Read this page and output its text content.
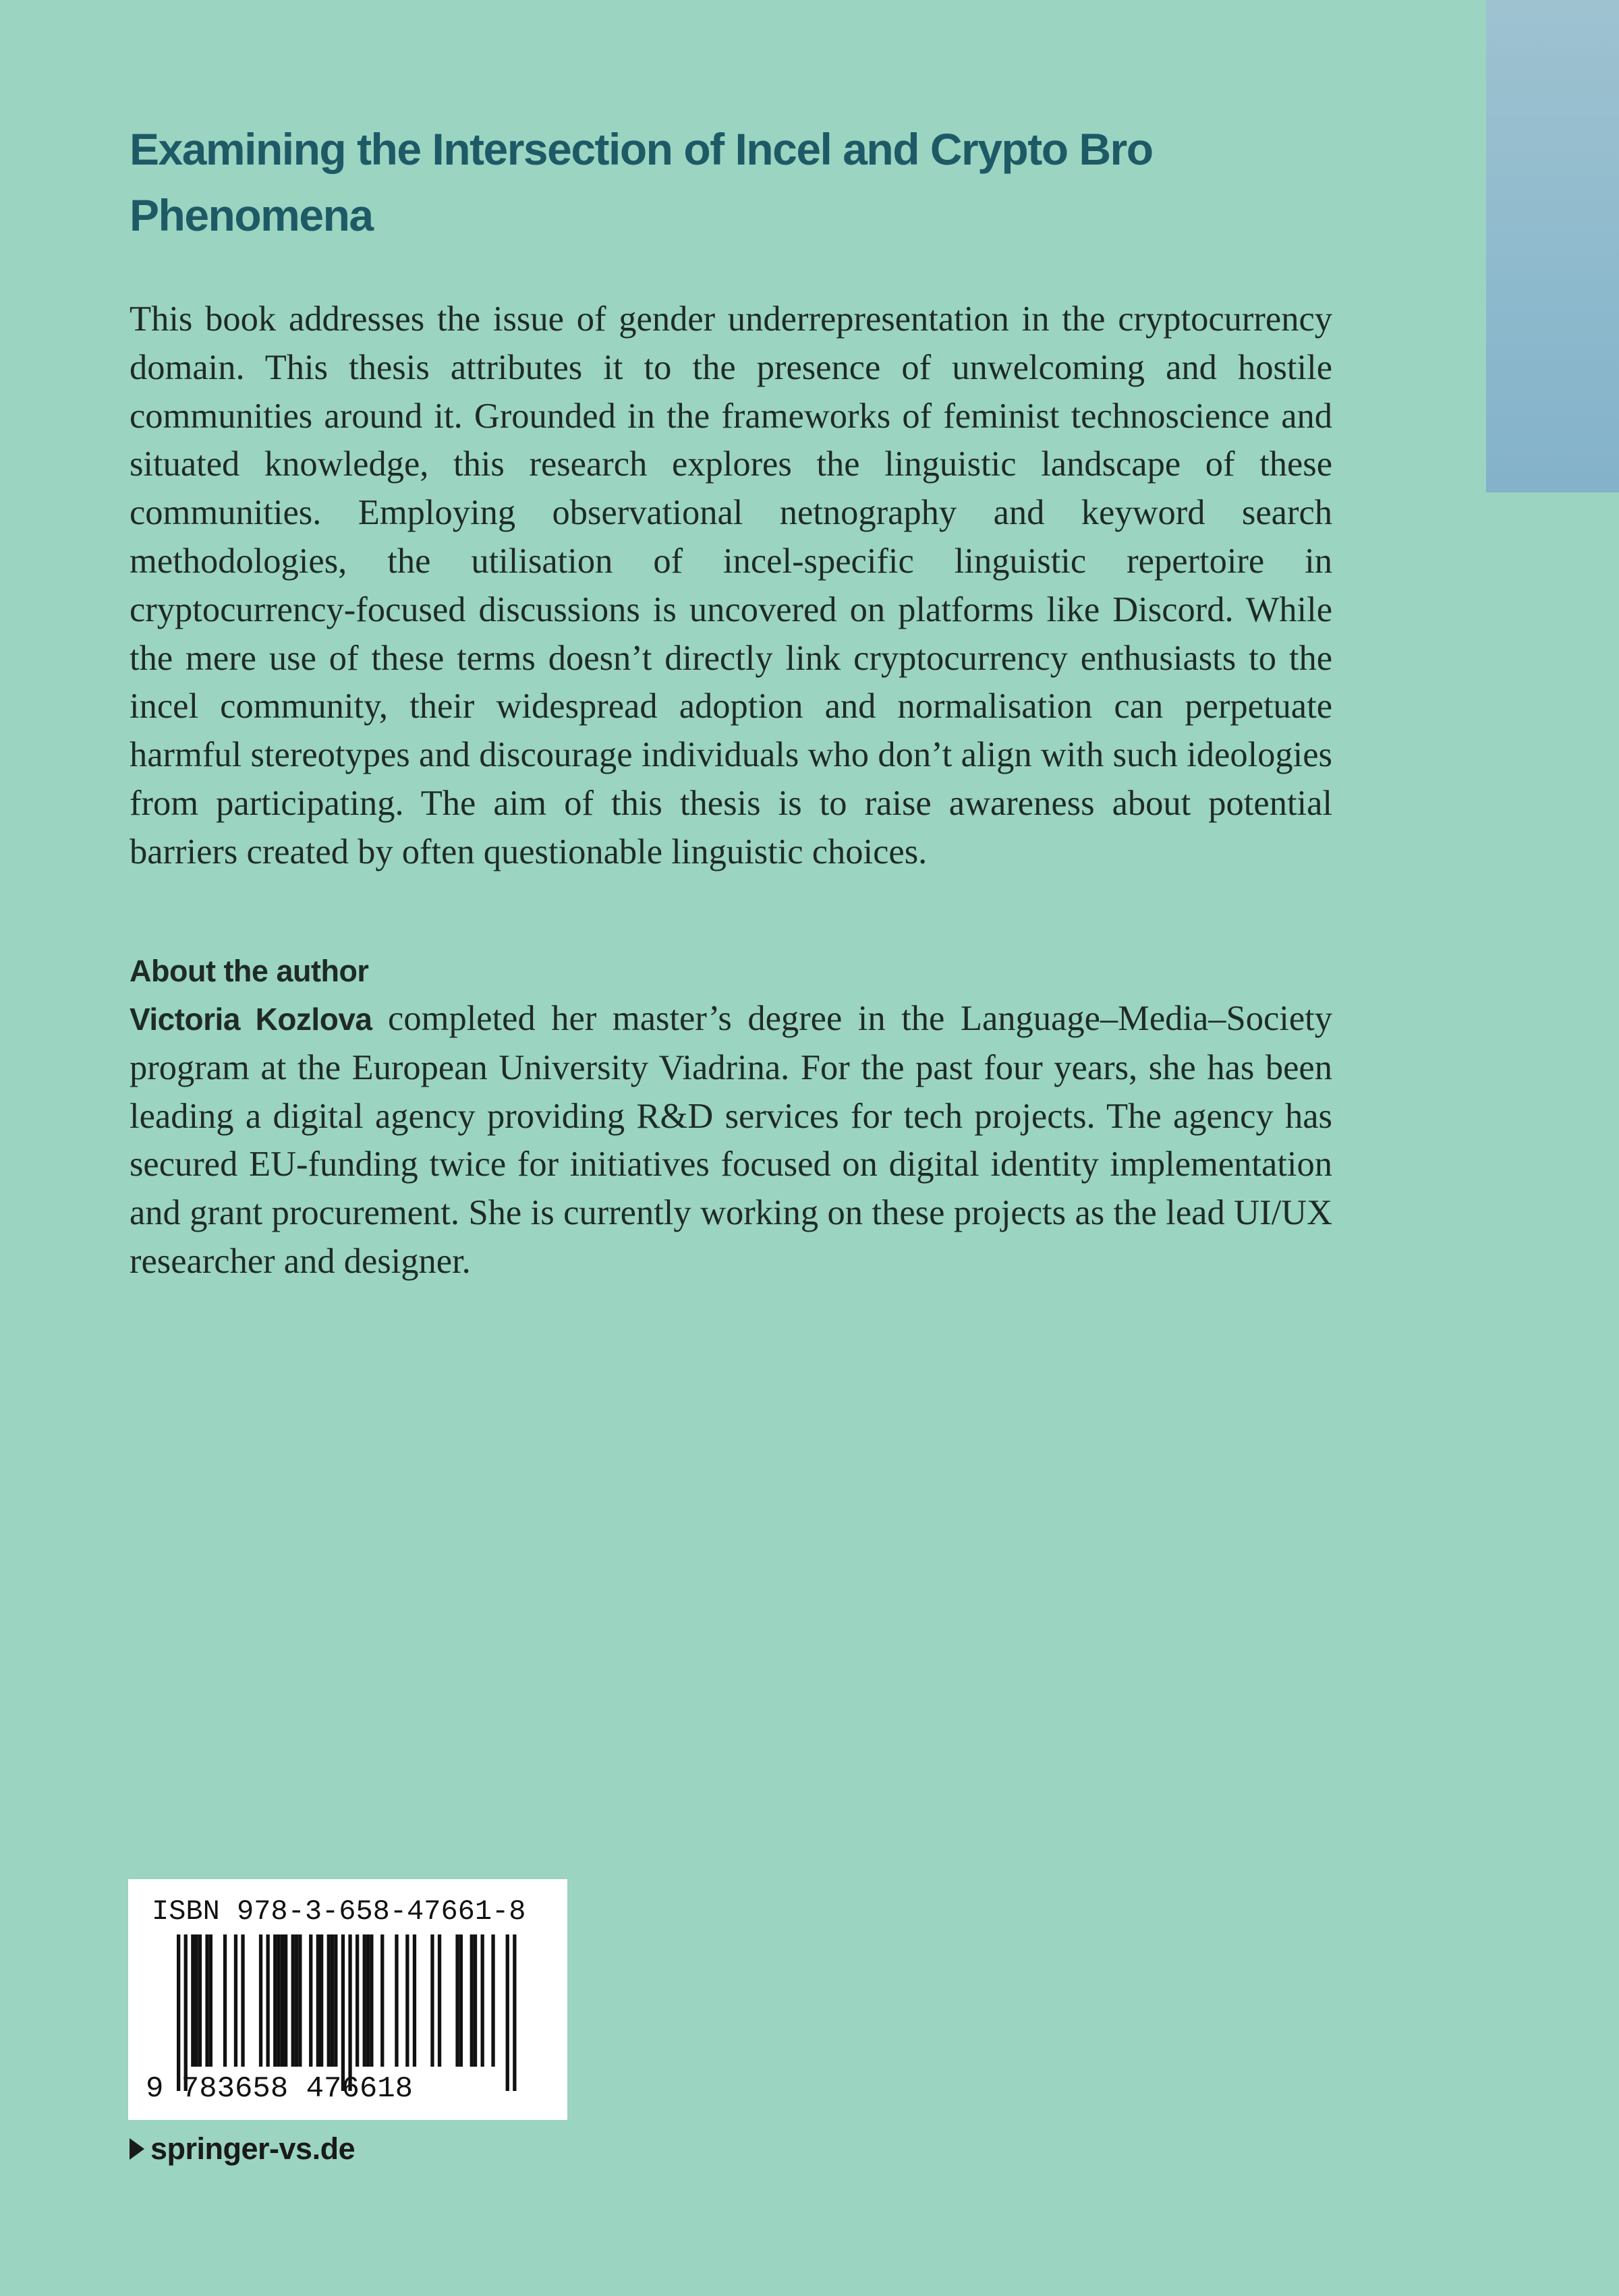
Examining the Intersection of Incel and Crypto Bro Phenomena

This book addresses the issue of gender underrepresentation in the cryptocurrency domain. This thesis attributes it to the presence of unwelcoming and hostile communities around it. Grounded in the frameworks of feminist technoscience and situated knowledge, this research explores the linguistic landscape of these communities. Employing observational netnography and keyword search methodologies, the utilisation of incel-specific linguistic repertoire in cryptocurrency-focused discussions is uncovered on platforms like Discord. While the mere use of these terms doesn’t directly link cryptocurrency enthusiasts to the incel community, their widespread adoption and normalisation can perpetuate harmful stereotypes and discourage individuals who don’t align with such ideologies from participating. The aim of this thesis is to raise awareness about potential barriers created by often questionable linguistic choices.

About the author

Victoria Kozlova completed her master’s degree in the Language–Media–Society program at the European University Viadrina. For the past four years, she has been leading a digital agency providing R&D services for tech projects. The agency has secured EU-funding twice for initiatives focused on digital identity implementation and grant procurement. She is currently working on these projects as the lead UI/UX researcher and designer.

ISBN 978-3-658-47661-8
9 783658 476618
springer-vs.de
